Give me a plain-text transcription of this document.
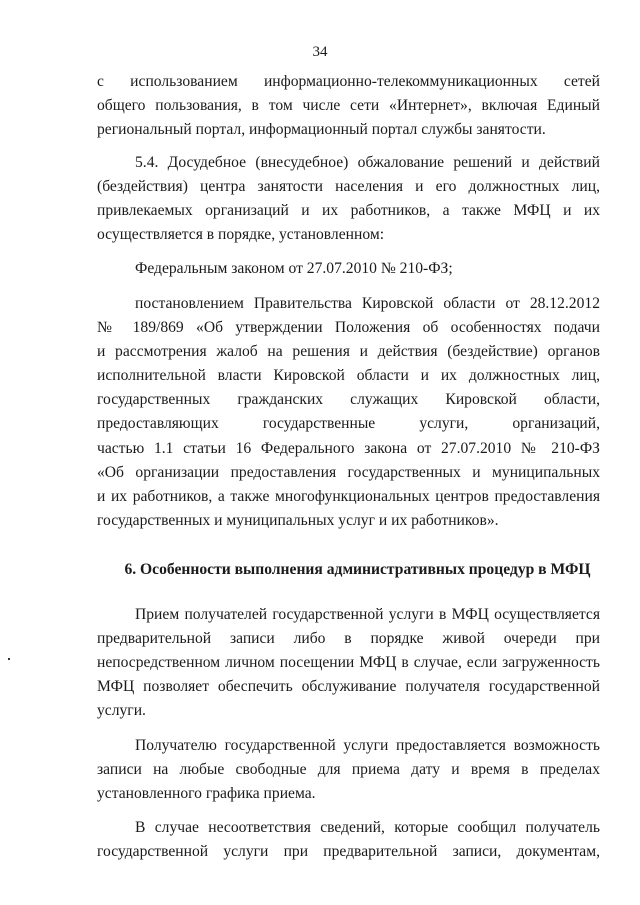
34
с использованием информационно-телекоммуникационных сетей
общего пользования, в том числе сети «Интернет», включая Единый
региональный портал, информационный портал службы занятости.
5.4. Досудебное (внесудебное) обжалование решений и действий
(бездействия) центра занятости населения и его должностных лиц,
привлекаемых организаций и их работников, а также МФЦ и их
осуществляется в порядке, установленном:
Федеральным законом от 27.07.2010 № 210-ФЗ;
постановлением Правительства Кировской области от 28.12.2012
№ 189/869 «Об утверждении Положения об особенностях подачи
и рассмотрения жалоб на решения и действия (бездействие) органов
исполнительной власти Кировской области и их должностных лиц,
государственных гражданских служащих Кировской области,
предоставляющих государственные услуги, организаций,
частью 1.1 статьи 16 Федерального закона от 27.07.2010 № 210-ФЗ
«Об организации предоставления государственных и муниципальных
и их работников, а также многофункциональных центров предоставления
государственных и муниципальных услуг и их работников».
6. Особенности выполнения административных процедур в МФЦ
Прием получателей государственной услуги в МФЦ осуществляется
предварительной записи либо в порядке живой очереди при
непосредственном личном посещении МФЦ в случае, если загруженность
МФЦ позволяет обеспечить обслуживание получателя государственной
услуги.
Получателю государственной услуги предоставляется возможность
записи на любые свободные для приема дату и время в пределах
установленного графика приема.
В случае несоответствия сведений, которые сообщил получатель
государственной услуги при предварительной записи, документам,
